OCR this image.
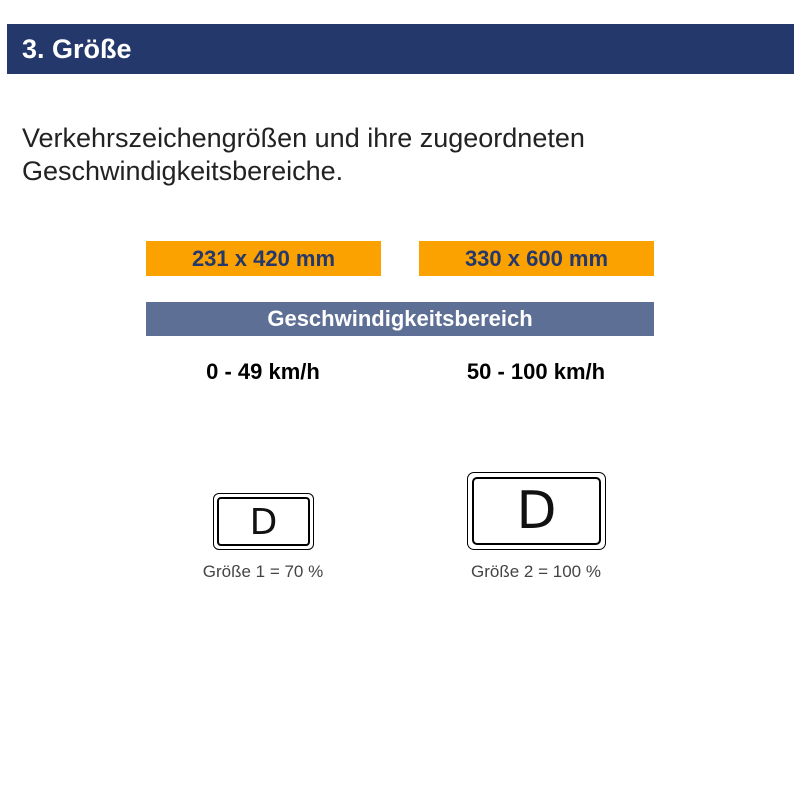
3. Größe
Verkehrszeichengrößen und ihre zugeordneten Geschwindigkeitsbereiche.
231 x 420 mm	330 x 600 mm
Geschwindigkeitsbereich
0 - 49 km/h	50 - 100 km/h
D
Größe 1 = 70 %
D
Größe 2 = 100 %
